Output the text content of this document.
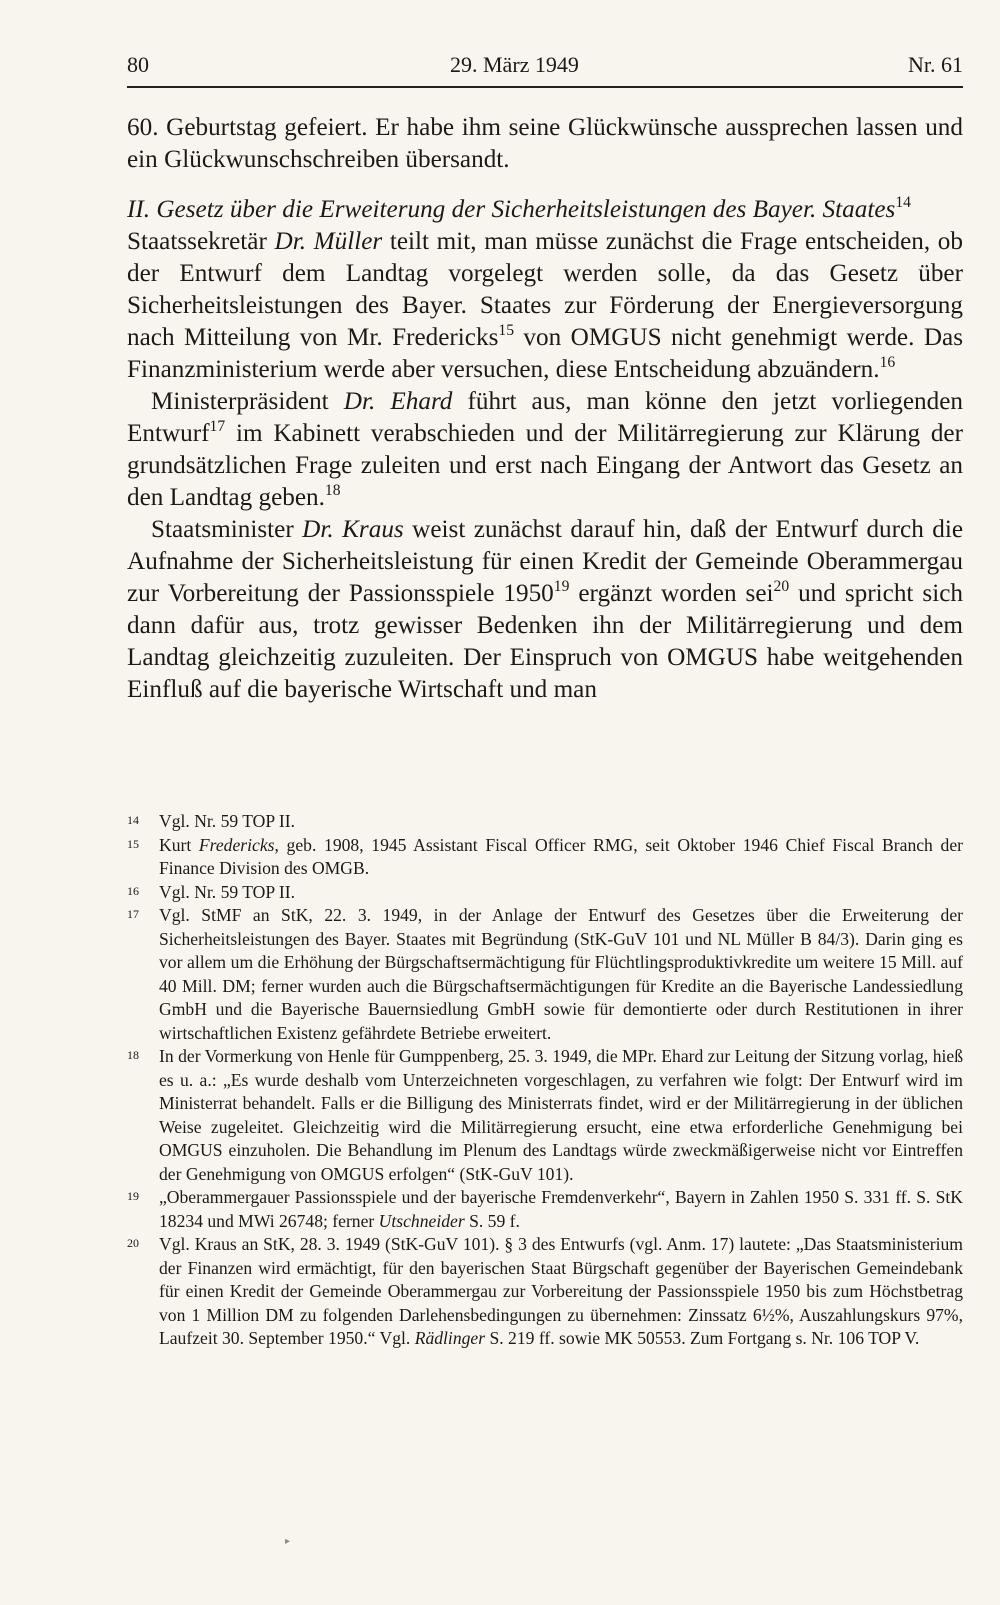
80	29. März 1949	Nr. 61

60. Geburtstag gefeiert. Er habe ihm seine Glückwünsche aussprechen lassen und ein Glückwunschschreiben übersandt.

II. Gesetz über die Erweiterung der Sicherheitsleistungen des Bayer. Staates$^{14}$

Staatssekretär Dr. Müller teilt mit, man müsse zunächst die Frage entscheiden, ob der Entwurf dem Landtag vorgelegt werden solle, da das Gesetz über Sicherheitsleistungen des Bayer. Staates zur Förderung der Energieversorgung nach Mitteilung von Mr. Fredericks$^{15}$ von OMGUS nicht genehmigt werde. Das Finanzministerium werde aber versuchen, diese Entscheidung abzuändern.$^{16}$

Ministerpräsident Dr. Ehard führt aus, man könne den jetzt vorliegenden Entwurf$^{17}$ im Kabinett verabschieden und der Militärregierung zur Klärung der grundsätzlichen Frage zuleiten und erst nach Eingang der Antwort das Gesetz an den Landtag geben.$^{18}$

Staatsminister Dr. Kraus weist zunächst darauf hin, daß der Entwurf durch die Aufnahme der Sicherheitsleistung für einen Kredit der Gemeinde Oberammergau zur Vorbereitung der Passionsspiele 1950$^{19}$ ergänzt worden sei$^{20}$ und spricht sich dann dafür aus, trotz gewisser Bedenken ihn der Militärregierung und dem Landtag gleichzeitig zuzuleiten. Der Einspruch von OMGUS habe weitgehenden Einfluß auf die bayerische Wirtschaft und man

14 Vgl. Nr. 59 TOP II.
15 Kurt Fredericks, geb. 1908, 1945 Assistant Fiscal Officer RMG, seit Oktober 1946 Chief Fiscal Branch der Finance Division des OMGB.
16 Vgl. Nr. 59 TOP II.
17 Vgl. StMF an StK, 22. 3. 1949, in der Anlage der Entwurf des Gesetzes über die Erweiterung der Sicherheitsleistungen des Bayer. Staates mit Begründung (StK-GuV 101 und NL Müller B 84/3). Darin ging es vor allem um die Erhöhung der Bürgschaftsermächtigung für Flüchtlingsproduktivkredite um weitere 15 Mill. auf 40 Mill. DM; ferner wurden auch die Bürgschaftsermächtigungen für Kredite an die Bayerische Landessiedlung GmbH und die Bayerische Bauernsiedlung GmbH sowie für demontierte oder durch Restitutionen in ihrer wirtschaftlichen Existenz gefährdete Betriebe erweitert.
18 In der Vormerkung von Henle für Gumppenberg, 25. 3. 1949, die MPr. Ehard zur Leitung der Sitzung vorlag, hieß es u. a.: „Es wurde deshalb vom Unterzeichneten vorgeschlagen, zu verfahren wie folgt: Der Entwurf wird im Ministerrat behandelt. Falls er die Billigung des Ministerrats findet, wird er der Militärregierung in der üblichen Weise zugeleitet. Gleichzeitig wird die Militärregierung ersucht, eine etwa erforderliche Genehmigung bei OMGUS einzuholen. Die Behandlung im Plenum des Landtags würde zweckmäßigerweise nicht vor Eintreffen der Genehmigung von OMGUS erfolgen“ (StK-GuV 101).
19 „Oberammergauer Passionsspiele und der bayerische Fremdenverkehr“, Bayern in Zahlen 1950 S. 331 ff. S. StK 18234 und MWi 26748; ferner Utschneider S. 59 f.
20 Vgl. Kraus an StK, 28. 3. 1949 (StK-GuV 101). § 3 des Entwurfs (vgl. Anm. 17) lautete: „Das Staatsministerium der Finanzen wird ermächtigt, für den bayerischen Staat Bürgschaft gegenüber der Bayerischen Gemeindebank für einen Kredit der Gemeinde Oberammergau zur Vorbereitung der Passionsspiele 1950 bis zum Höchstbetrag von 1 Million DM zu folgenden Darlehensbedingungen zu übernehmen: Zinssatz 6½%, Auszahlungskurs 97%, Laufzeit 30. September 1950.“ Vgl. Rädlinger S. 219 ff. sowie MK 50553. Zum Fortgang s. Nr. 106 TOP V.
▸
